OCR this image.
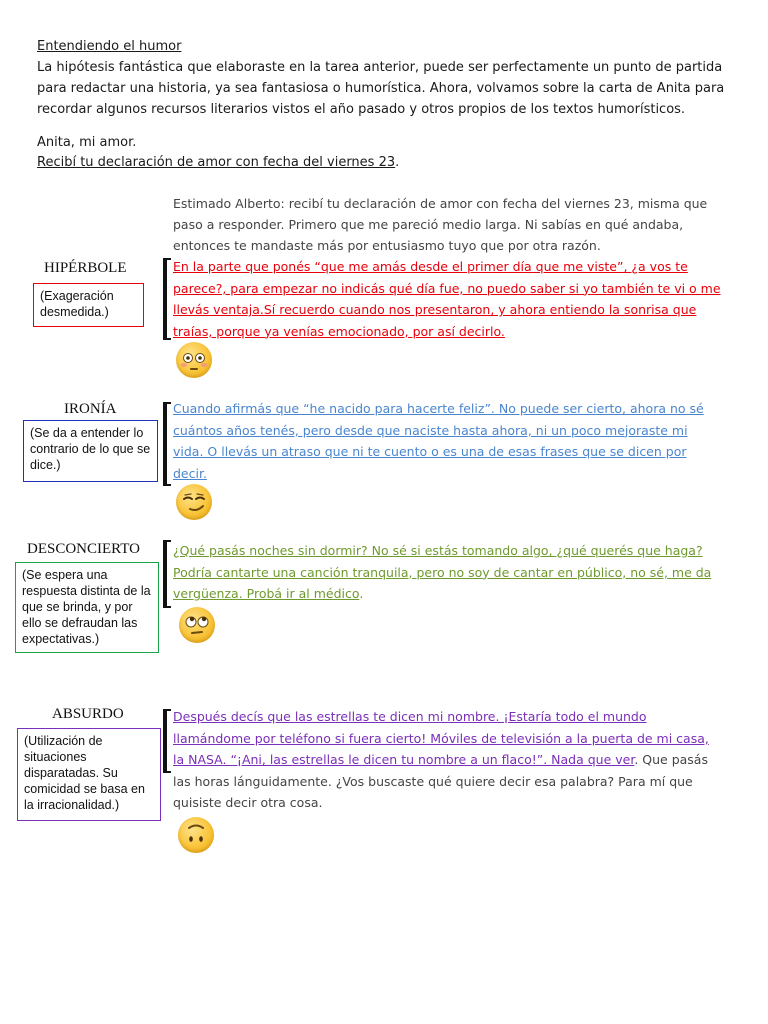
Entendiendo el humor
La hipótesis fantástica que elaboraste en la tarea anterior, puede ser perfectamente un punto de partida para redactar una historia, ya sea fantasiosa o humorística. Ahora, volvamos sobre la carta de Anita para recordar algunos recursos literarios vistos el año pasado y otros propios de los textos humorísticos.
Anita, mi amor.
Recibí tu declaración de amor con fecha del viernes 23.
Estimado Alberto: recibí tu declaración de amor con fecha del viernes 23, misma que paso a responder. Primero que me pareció medio larga. Ni sabías en qué andaba, entonces te mandaste más por entusiasmo tuyo que por otra razón.
HIPÉRBOLE
(Exageración desmedida.)
En la parte que ponés “que me amás desde el primer día que me viste”, ¿a vos te parece?, para empezar no indicás qué día fue, no puedo saber si yo también te vi o me llevás ventaja.Sí recuerdo cuando nos presentaron, y ahora entiendo la sonrisa que traías, porque ya venías emocionado, por así decirlo.
IRONÍA
(Se da a entender lo contrario de lo que se dice.)
Cuando afirmás que “he nacido para hacerte feliz”. No puede ser cierto, ahora no sé cuántos años tenés, pero desde que naciste hasta ahora, ni un poco mejoraste mi vida. O llevás un atraso que ni te cuento o es una de esas frases que se dicen por decir.
DESCONCIERTO
(Se espera una respuesta distinta de la que se brinda, y por ello se defraudan las expectativas.)
¿Qué pasás noches sin dormir? No sé si estás tomando algo, ¿qué querés que haga? Podría cantarte una canción tranquila, pero no soy de cantar en público, no sé, me da vergüenza. Probá ir al médico.
ABSURDO
(Utilización de situaciones disparatadas. Su comicidad se basa en la irracionalidad.)
Después decís que las estrellas te dicen mi nombre. ¡Estaría todo el mundo llamándome por teléfono si fuera cierto! Móviles de televisión a la puerta de mi casa, la NASA. “¡Ani, las estrellas le dicen tu nombre a un flaco!”. Nada que ver. Que pasás las horas lánguidamente. ¿Vos buscaste qué quiere decir esa palabra? Para mí que quisiste decir otra cosa.
